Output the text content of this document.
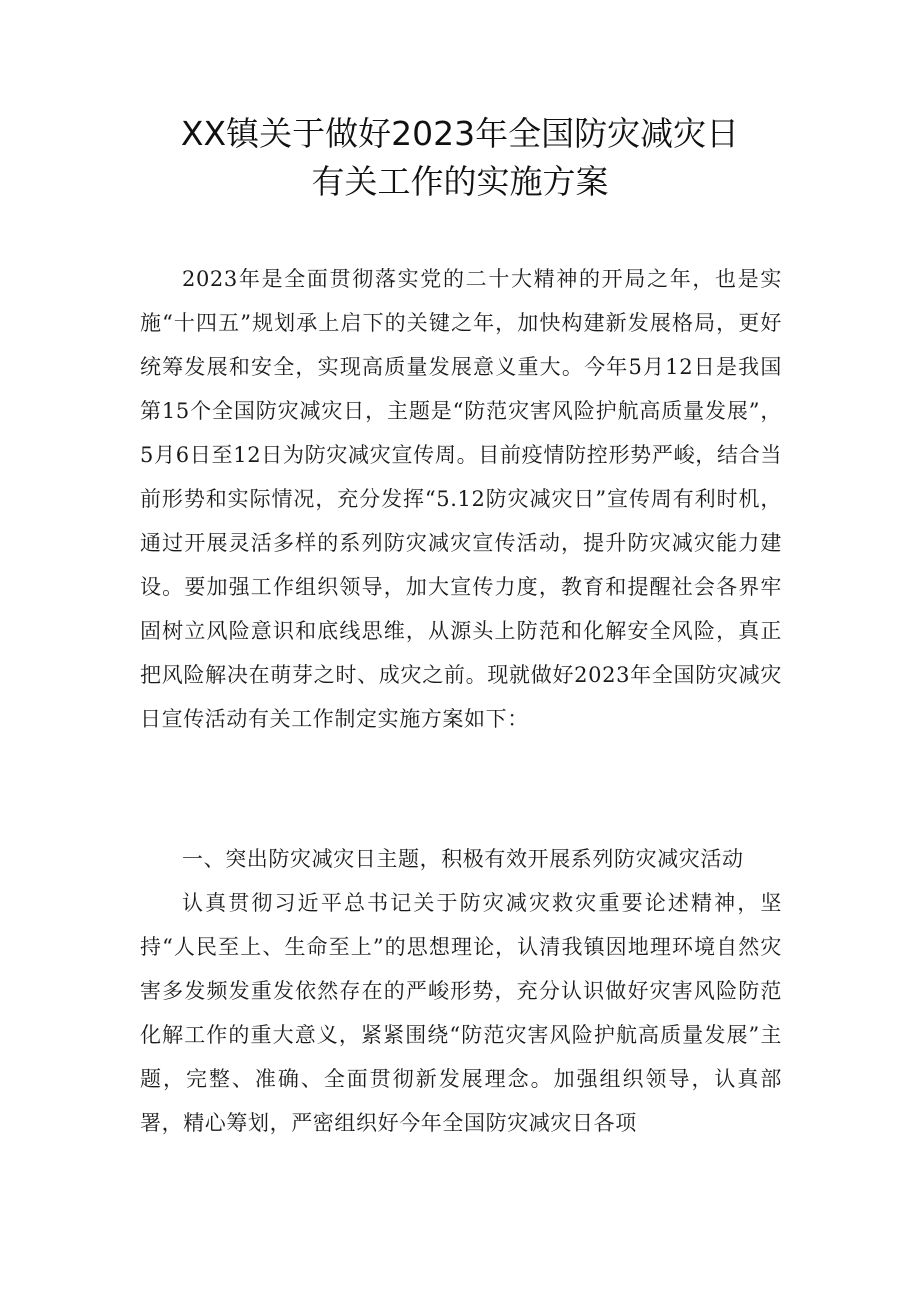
XX镇关于做好2023年全国防灾减灾日
有关工作的实施方案

2023年是全面贯彻落实党的二十大精神的开局之年，也是实施“十四五”规划承上启下的关键之年，加快构建新发展格局，更好统筹发展和安全，实现高质量发展意义重大。今年5月12日是我国第15个全国防灾减灾日，主题是“防范灾害风险护航高质量发展”，5月6日至12日为防灾减灾宣传周。目前疫情防控形势严峻，结合当前形势和实际情况，充分发挥“5.12防灾减灾日”宣传周有利时机，通过开展灵活多样的系列防灾减灾宣传活动，提升防灾减灾能力建设。要加强工作组织领导，加大宣传力度，教育和提醒社会各界牢固树立风险意识和底线思维，从源头上防范和化解安全风险，真正把风险解决在萌芽之时、成灾之前。现就做好2023年全国防灾减灾日宣传活动有关工作制定实施方案如下：

一、突出防灾减灾日主题，积极有效开展系列防灾减灾活动

认真贯彻习近平总书记关于防灾减灾救灾重要论述精神，坚持“人民至上、生命至上”的思想理论，认清我镇因地理环境自然灾害多发频发重发依然存在的严峻形势，充分认识做好灾害风险防范化解工作的重大意义，紧紧围绕“防范灾害风险护航高质量发展”主题，完整、准确、全面贯彻新发展理念。加强组织领导，认真部署，精心筹划，严密组织好今年全国防灾减灾日各项
